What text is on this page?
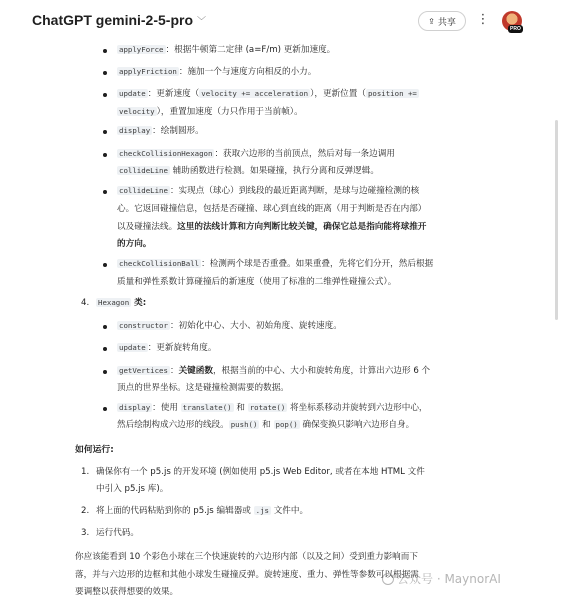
ChatGPT gemini-2-5-pro ﹀	⇪ 共享 ⋮
PRO
applyForce ：根据牛顿第二定律 (a=F/m) 更新加速度。
applyFriction ：施加一个与速度方向相反的小力。
update ：更新速度（ velocity += acceleration ），更新位置（ position +=
velocity ），重置加速度（力只作用于当前帧）。
display ：绘制圆形。
checkCollisionHexagon ：获取六边形的当前顶点，然后对每一条边调用
collideLine 辅助函数进行检测。如果碰撞，执行分离和反弹逻辑。
collideLine ：实现点（球心）到线段的最近距离判断，是球与边碰撞检测的核
心。它返回碰撞信息，包括是否碰撞、球心到直线的距离（用于判断是否在内部）
以及碰撞法线。这里的法线计算和方向判断比较关键，确保它总是指向能将球推开
的方向。
checkCollisionBall ：检测两个球是否重叠。如果重叠，先将它们分开，然后根据
质量和弹性系数计算碰撞后的新速度（使用了标准的二维弹性碰撞公式）。
4. Hexagon 类:
constructor ：初始化中心、大小、初始角度、旋转速度。
update ：更新旋转角度。
getVertices ：关键函数，根据当前的中心、大小和旋转角度，计算出六边形 6 个
顶点的世界坐标。这是碰撞检测需要的数据。
display ：使用 translate() 和 rotate() 将坐标系移动并旋转到六边形中心，
然后绘制构成六边形的线段。 push() 和 pop() 确保变换只影响六边形自身。
如何运行:
1. 确保你有一个 p5.js 的开发环境 (例如使用 p5.js Web Editor, 或者在本地 HTML 文件
中引入 p5.js 库)。
2. 将上面的代码粘贴到你的 p5.js 编辑器或 .js 文件中。
3. 运行代码。
你应该能看到 10 个彩色小球在三个快速旋转的六边形内部（以及之间）受到重力影响而下
落，并与六边形的边框和其他小球发生碰撞反弹。旋转速度、重力、弹性等参数可以根据需
要调整以获得想要的效果。
公众号 · MaynorAI
